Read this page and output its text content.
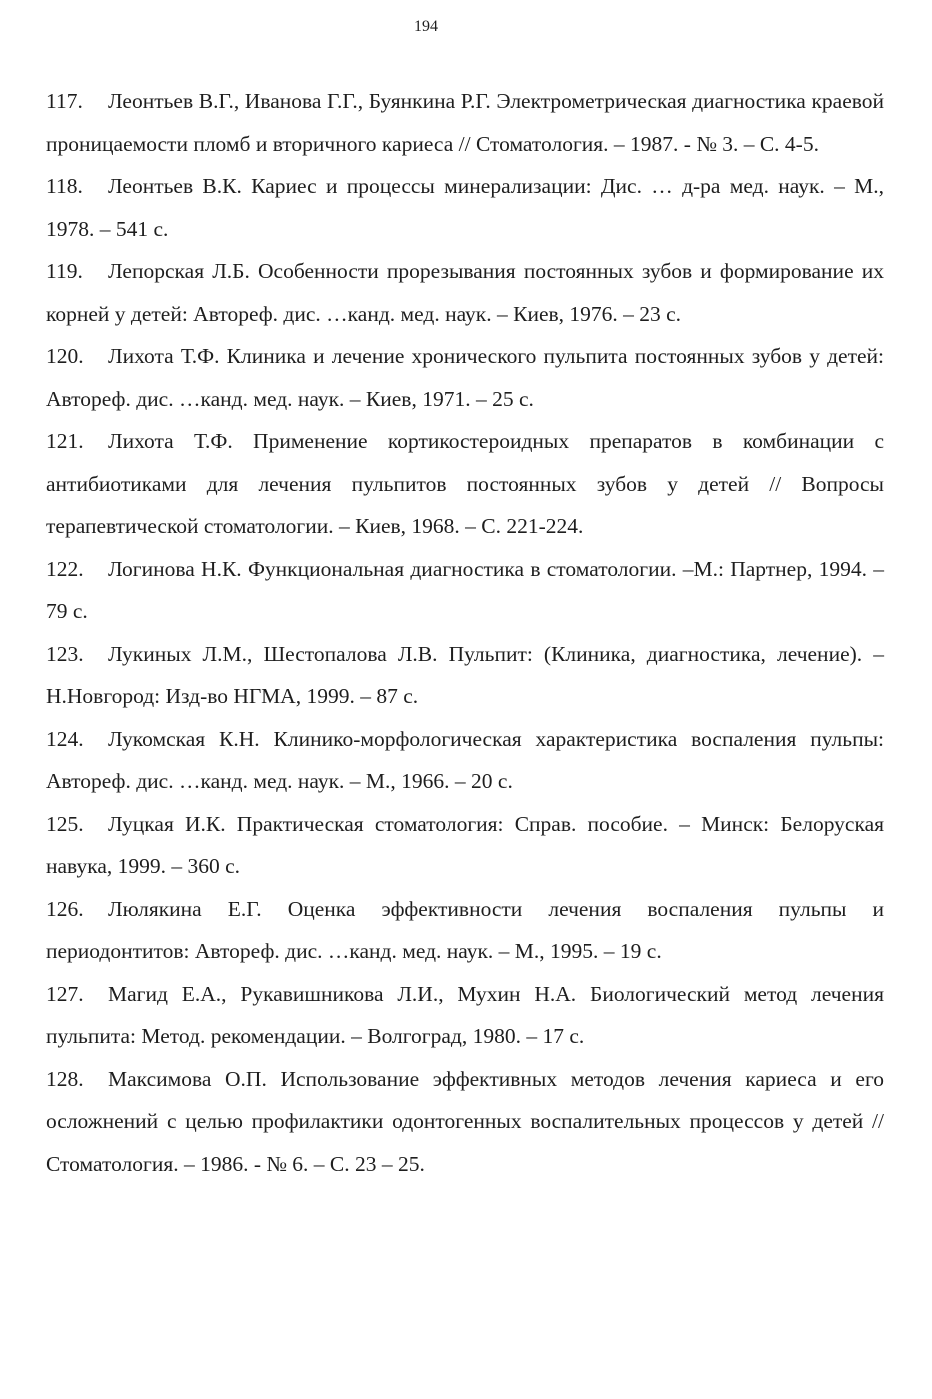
194
117. Леонтьев В.Г., Иванова Г.Г., Буянкина Р.Г. Электрометрическая диагностика краевой проницаемости пломб и вторичного кариеса // Стоматология. – 1987. - № 3. – С. 4-5.
118. Леонтьев В.К. Кариес и процессы минерализации: Дис. … д-ра мед. наук. – М., 1978. – 541 с.
119. Лепорская Л.Б. Особенности прорезывания постоянных зубов и формирование их корней у детей: Автореф. дис. …канд. мед. наук. – Киев, 1976. – 23 с.
120. Лихота Т.Ф. Клиника и лечение хронического пульпита постоянных зубов у детей: Автореф. дис. …канд. мед. наук. – Киев, 1971. – 25 с.
121. Лихота Т.Ф. Применение кортикостероидных препаратов в комбинации с антибиотиками для лечения пульпитов постоянных зубов у детей // Вопросы терапевтической стоматологии. – Киев, 1968. – С. 221-224.
122. Логинова Н.К. Функциональная диагностика в стоматологии. –М.: Партнер, 1994. – 79 с.
123. Лукиных Л.М., Шестопалова Л.В. Пульпит: (Клиника, диагностика, лечение). – Н.Новгород: Изд-во НГМА, 1999. – 87 с.
124. Лукомская К.Н. Клинико-морфологическая характеристика воспаления пульпы: Автореф. дис. …канд. мед. наук. – М., 1966. – 20 с.
125. Луцкая И.К. Практическая стоматология: Справ. пособие. – Минск: Белоруская навука, 1999. – 360 с.
126. Люлякина Е.Г. Оценка эффективности лечения воспаления пульпы и периодонтитов: Автореф. дис. …канд. мед. наук. – М., 1995. – 19 с.
127. Магид Е.А., Рукавишникова Л.И., Мухин Н.А. Биологический метод лечения пульпита: Метод. рекомендации. – Волгоград, 1980. – 17 с.
128. Максимова О.П. Использование эффективных методов лечения кариеса и его осложнений с целью профилактики одонтогенных воспалительных процессов у детей // Стоматология. – 1986. - № 6. – С. 23 – 25.
